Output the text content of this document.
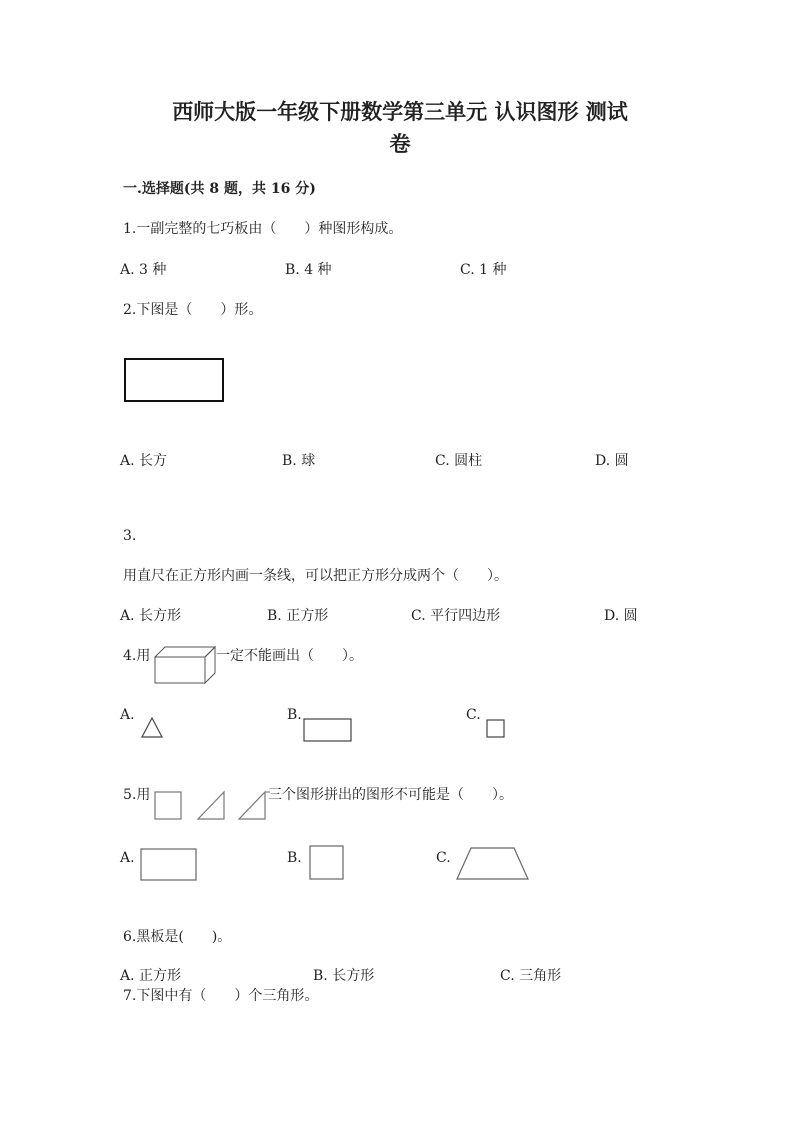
西师大版一年级下册数学第三单元 认识图形 测试
卷
一.选择题(共 8 题，共 16 分)
1.一副完整的七巧板由（　　）种图形构成。
A. 3 种	B. 4 种	C. 1 种
2.下图是（　　）形。
A. 长方	B. 球	C. 圆柱	D. 圆
3.
用直尺在正方形内画一条线，可以把正方形分成两个（　　）。
A. 长方形	B. 正方形	C. 平行四边形	D. 圆
4.用	一定不能画出（　　）。
A.	B.	C.
5.用	三个图形拼出的图形不可能是（　　）。
A.	B.	C.
6.黑板是(　　)。
A. 正方形	B. 长方形	C. 三角形
7.下图中有（　　）个三角形。
